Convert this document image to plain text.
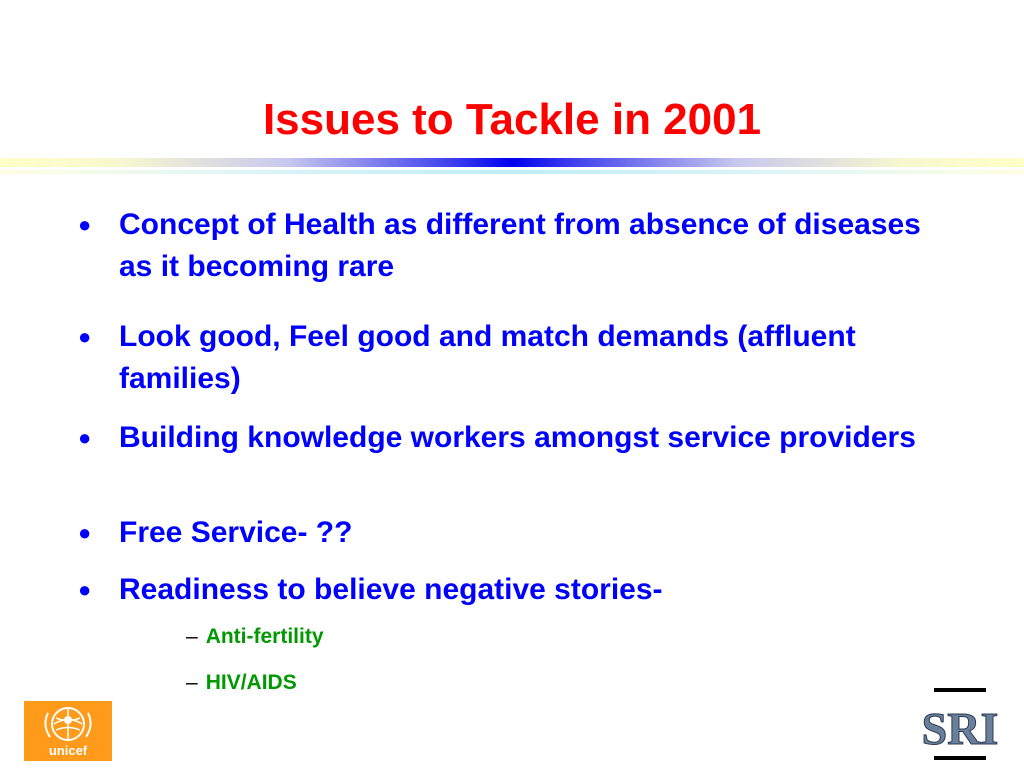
Issues to Tackle in 2001
● Concept of Health as different from absence of diseases as it becoming rare
● Look good, Feel good and match demands (affluent families)
● Building knowledge workers amongst service providers
● Free Service- ??
● Readiness to believe negative stories-
– Anti-fertility
– HIV/AIDS
unicef	SRI
